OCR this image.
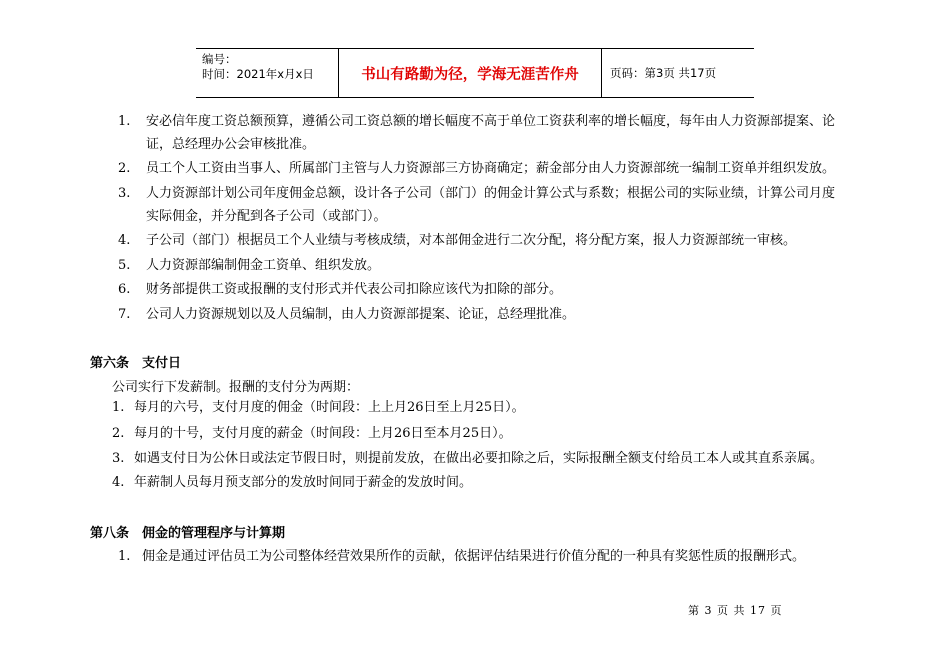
编号：
时间：2021年x月x日	书山有路勤为径，学海无涯苦作舟	页码：第3页 共17页
1. 安必信年度工资总额预算，遵循公司工资总额的增长幅度不高于单位工资获利率的增长幅度，每年由人力资源部提案、论
证，总经理办公会审核批准。
2. 员工个人工资由当事人、所属部门主管与人力资源部三方协商确定；薪金部分由人力资源部统一编制工资单并组织发放。
3. 人力资源部计划公司年度佣金总额，设计各子公司（部门）的佣金计算公式与系数；根据公司的实际业绩，计算公司月度
实际佣金，并分配到各子公司（或部门）。
4. 子公司（部门）根据员工个人业绩与考核成绩，对本部佣金进行二次分配，将分配方案，报人力资源部统一审核。
5. 人力资源部编制佣金工资单、组织发放。
6. 财务部提供工资或报酬的支付形式并代表公司扣除应该代为扣除的部分。
7. 公司人力资源规划以及人员编制，由人力资源部提案、论证，总经理批准。
第六条　支付日
公司实行下发薪制。报酬的支付分为两期：
1. 每月的六号，支付月度的佣金（时间段：上上月26日至上月25日）。
2. 每月的十号，支付月度的薪金（时间段：上月26日至本月25日）。
3. 如遇支付日为公休日或法定节假日时，则提前发放，在做出必要扣除之后，实际报酬全额支付给员工本人或其直系亲属。
4. 年薪制人员每月预支部分的发放时间同于薪金的发放时间。
第八条　佣金的管理程序与计算期
1. 佣金是通过评估员工为公司整体经营效果所作的贡献，依据评估结果进行价值分配的一种具有奖惩性质的报酬形式。
第 3 页 共 17 页
